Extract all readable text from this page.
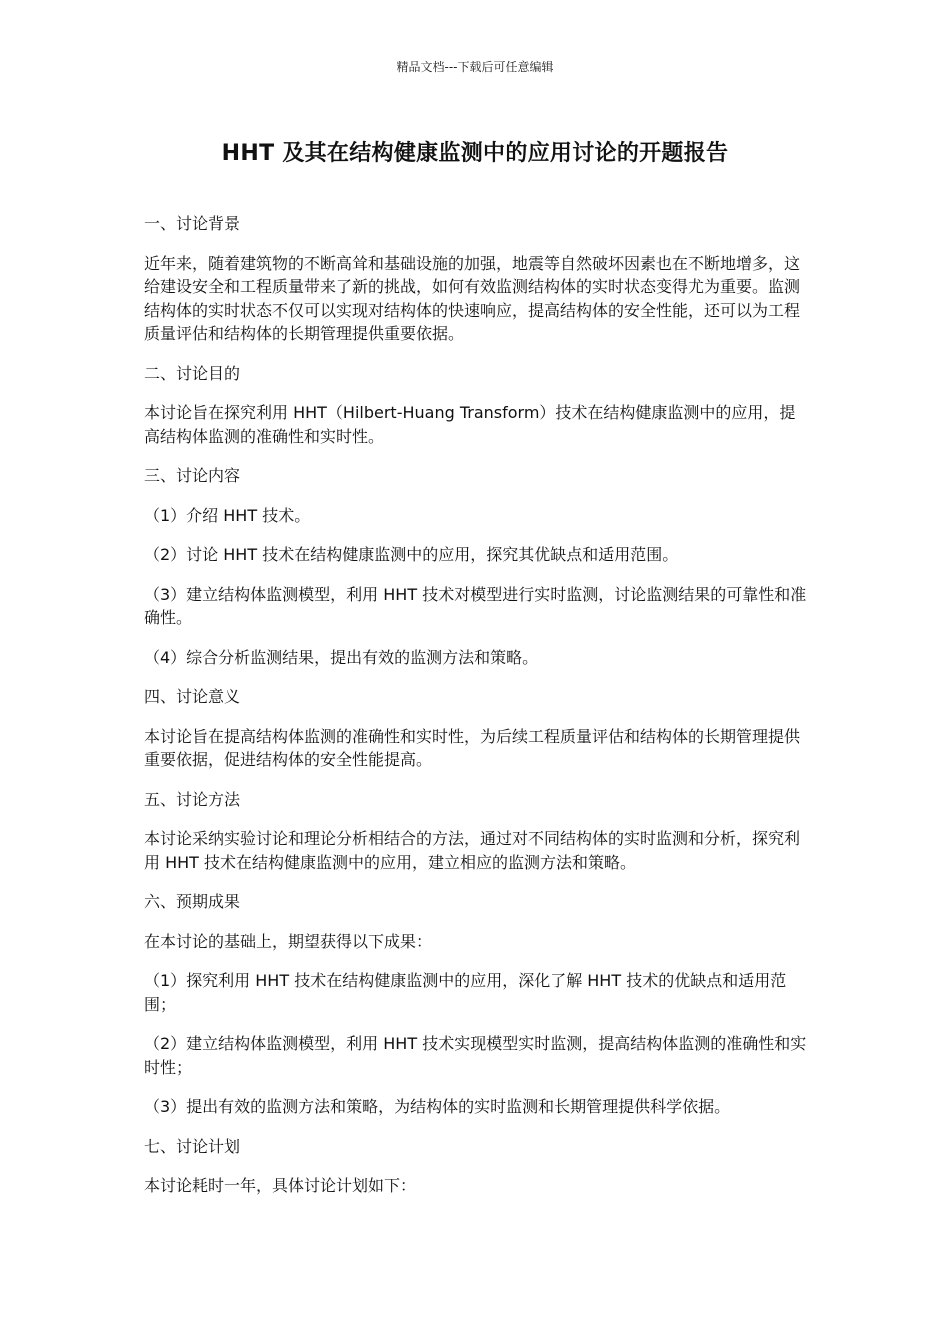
精品文档---下载后可任意编辑
HHT 及其在结构健康监测中的应用讨论的开题报告
一、讨论背景

近年来，随着建筑物的不断高耸和基础设施的加强，地震等自然破坏因素也在不断地增多，这给建设安全和工程质量带来了新的挑战，如何有效监测结构体的实时状态变得尤为重要。监测结构体的实时状态不仅可以实现对结构体的快速响应，提高结构体的安全性能，还可以为工程质量评估和结构体的长期管理提供重要依据。

二、讨论目的

本讨论旨在探究利用 HHT（Hilbert-Huang Transform）技术在结构健康监测中的应用，提高结构体监测的准确性和实时性。

三、讨论内容

（1）介绍 HHT 技术。

（2）讨论 HHT 技术在结构健康监测中的应用，探究其优缺点和适用范围。

（3）建立结构体监测模型，利用 HHT 技术对模型进行实时监测，讨论监测结果的可靠性和准确性。

（4）综合分析监测结果，提出有效的监测方法和策略。

四、讨论意义

本讨论旨在提高结构体监测的准确性和实时性，为后续工程质量评估和结构体的长期管理提供重要依据，促进结构体的安全性能提高。

五、讨论方法

本讨论采纳实验讨论和理论分析相结合的方法，通过对不同结构体的实时监测和分析，探究利用 HHT 技术在结构健康监测中的应用，建立相应的监测方法和策略。

六、预期成果

在本讨论的基础上，期望获得以下成果：

（1）探究利用 HHT 技术在结构健康监测中的应用，深化了解 HHT 技术的优缺点和适用范围；

（2）建立结构体监测模型，利用 HHT 技术实现模型实时监测，提高结构体监测的准确性和实时性；

（3）提出有效的监测方法和策略，为结构体的实时监测和长期管理提供科学依据。

七、讨论计划

本讨论耗时一年，具体讨论计划如下：
